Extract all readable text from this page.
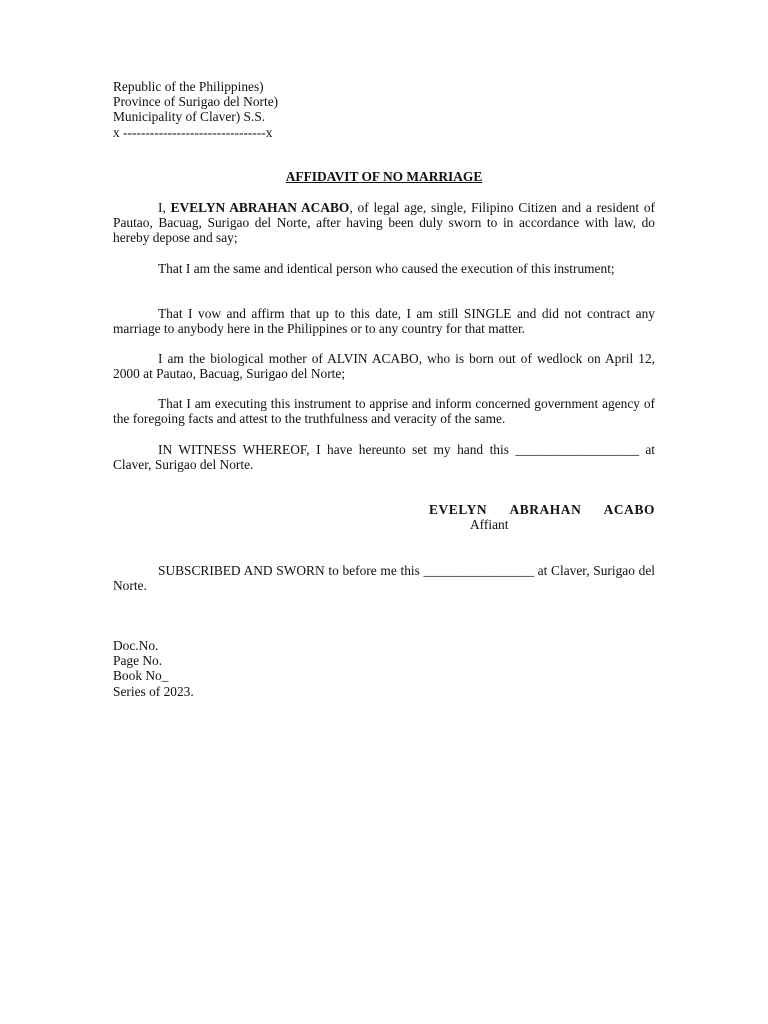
Republic of the Philippines)
Province of Surigao del Norte)
Municipality of Claver) S.S.
x --------------------------------x
AFFIDAVIT OF NO MARRIAGE
I, EVELYN ABRAHAN ACABO, of legal age, single, Filipino Citizen and a resident of Pautao, Bacuag, Surigao del Norte, after having been duly sworn to in accordance with law, do hereby depose and say;
That I am the same and identical person who caused the execution of this instrument;
That I vow and affirm that up to this date, I am still SINGLE and did not contract any marriage to anybody here in the Philippines or to any country for that matter.
I am the biological mother of ALVIN ACABO, who is born out of wedlock on April 12, 2000 at Pautao, Bacuag, Surigao del Norte;
That I am executing this instrument to apprise and inform concerned government agency of the foregoing facts and attest to the truthfulness and veracity of the same.
IN WITNESS WHEREOF, I have hereunto set my hand this ___________________ at Claver, Surigao del Norte.
EVELYN ABRAHAN ACABO
Affiant
SUBSCRIBED AND SWORN to before me this _________________ at Claver, Surigao del Norte.
Doc.No.
Page No.
Book No_
Series of 2023.
